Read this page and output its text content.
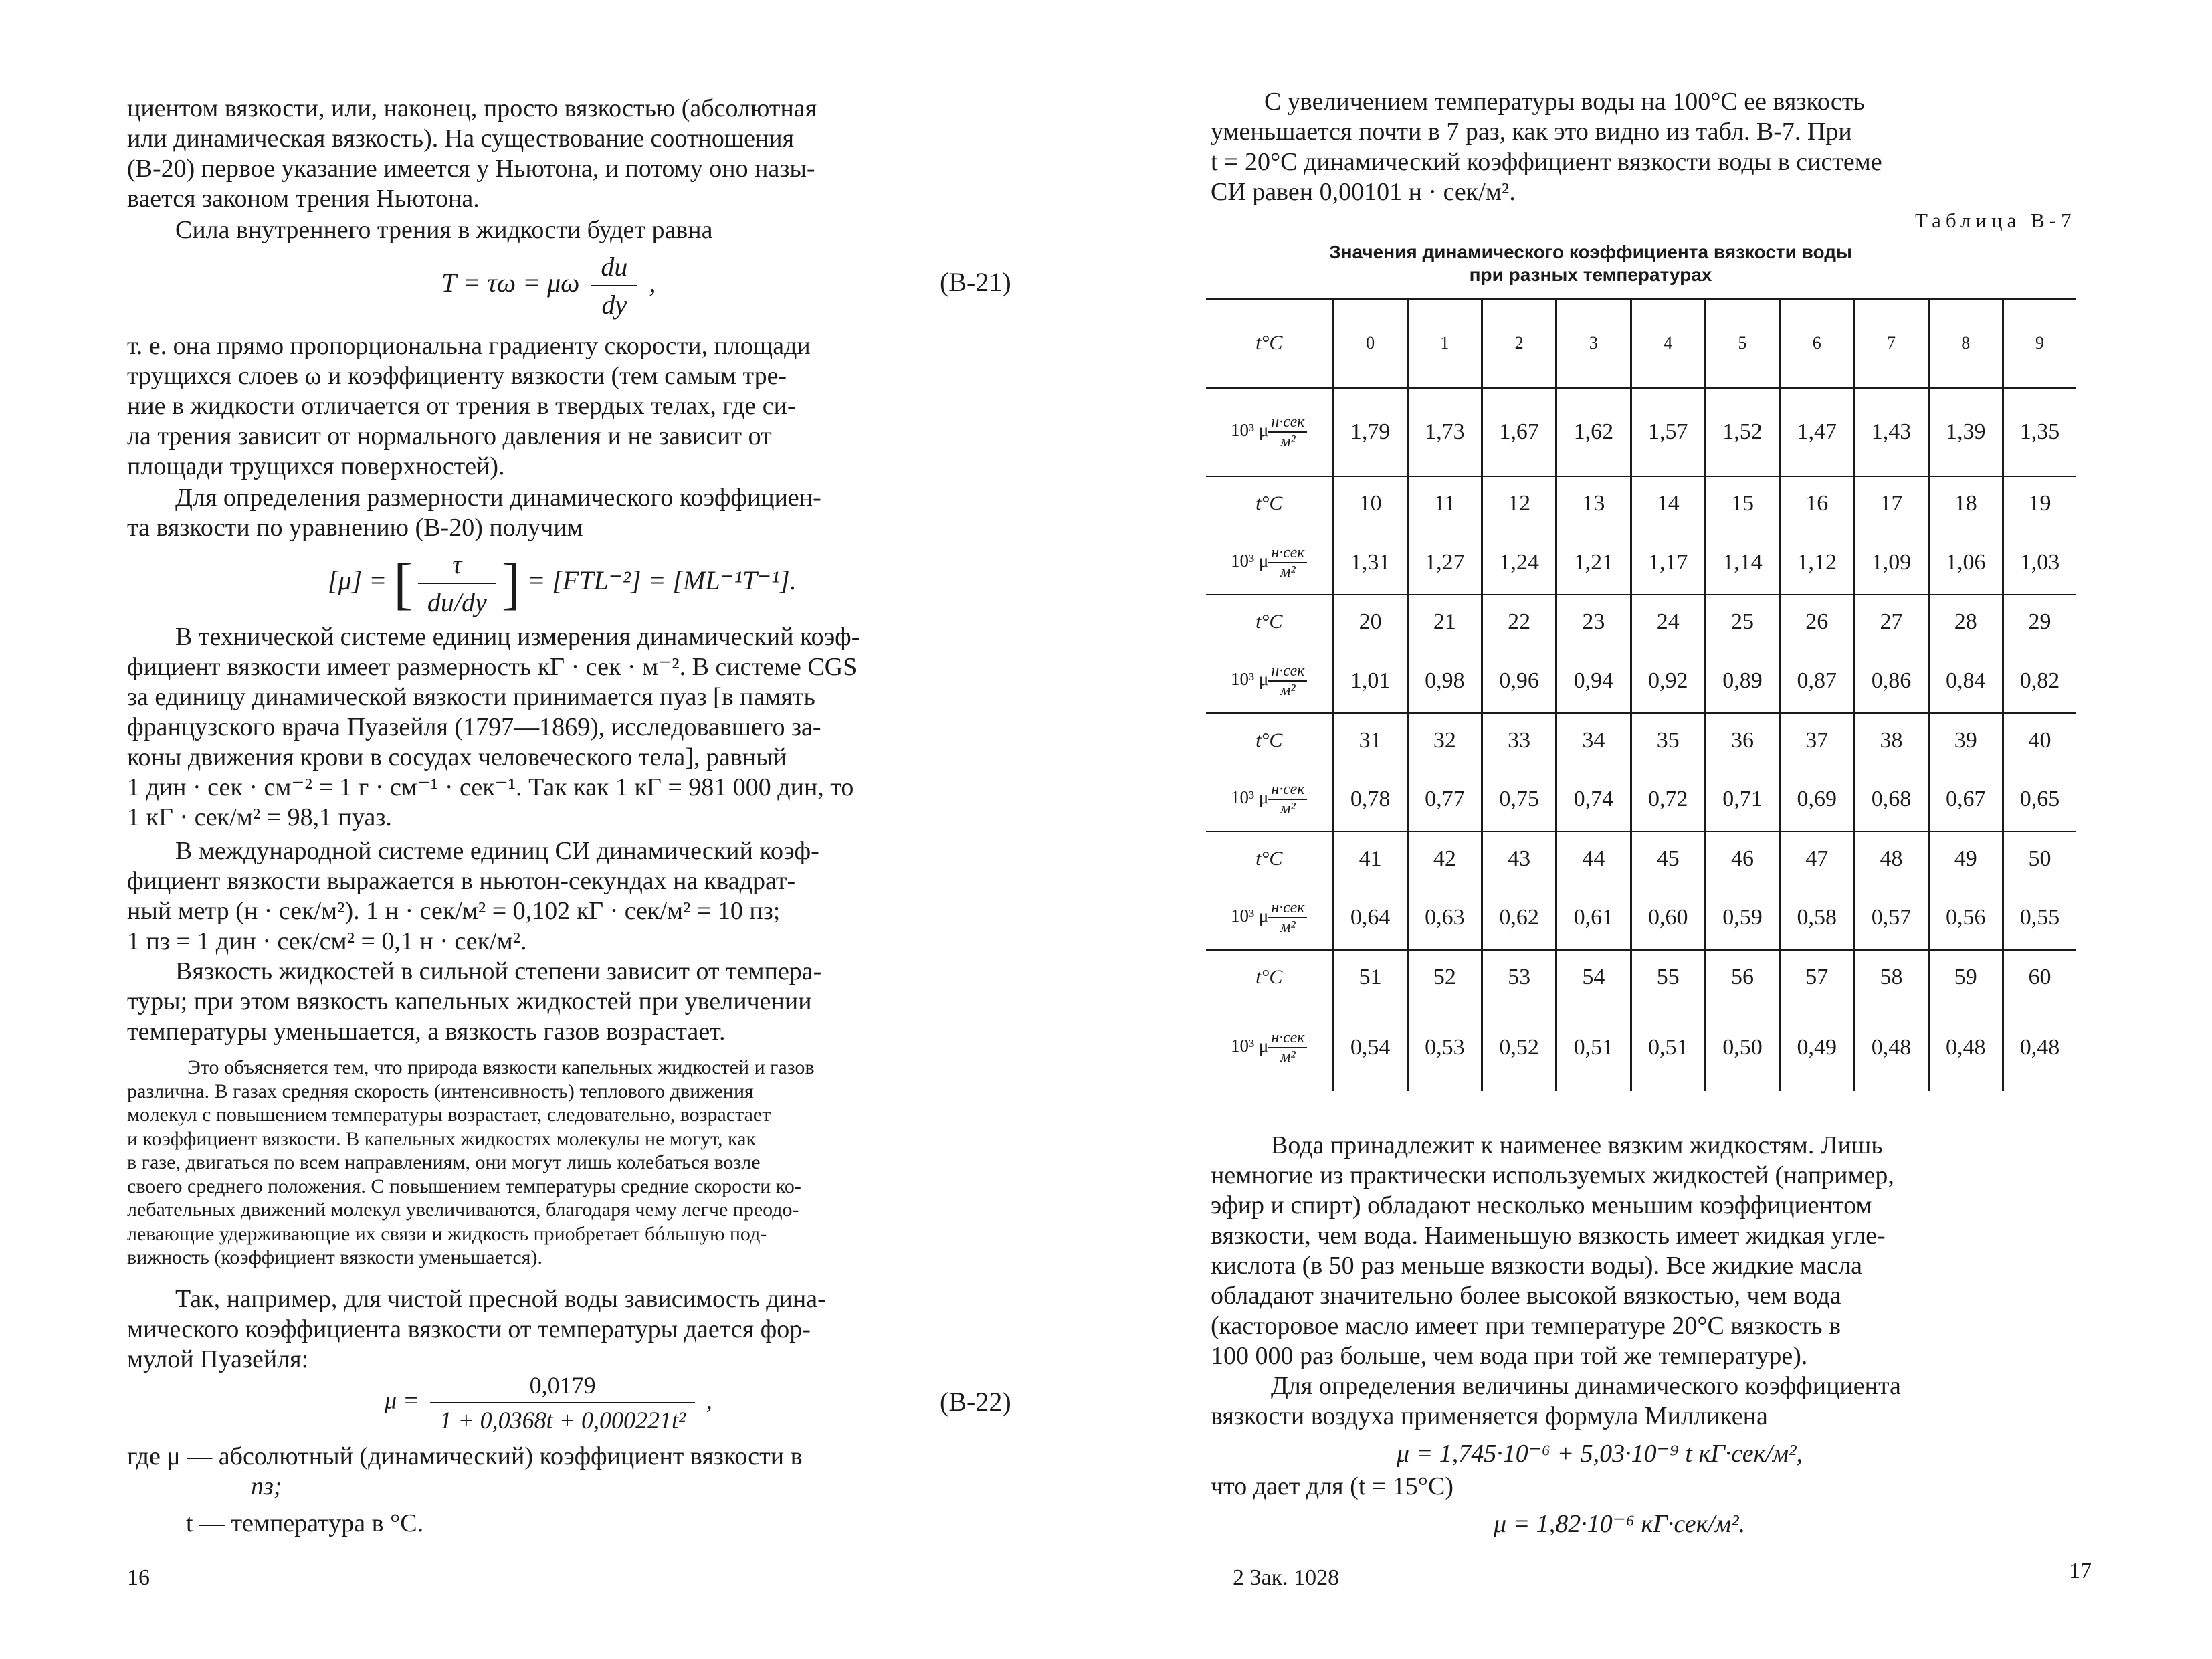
циентом вязкости, или, наконец, просто вязкостью (абсолютная
или динамическая вязкость). На существование соотношения
(В-20) первое указание имеется у Ньютона, и потому оно назы-
вается законом трения Ньютона.
Сила внутреннего трения в жидкости будет равна
T = τω = μω $\frac{du}{dy}$ ,	(В-21)
т. е. она прямо пропорциональна градиенту скорости, площади
трущихся слоев ω и коэффициенту вязкости (тем самым тре-
ние в жидкости отличается от трения в твердых телах, где си-
ла трения зависит от нормального давления и не зависит от
площади трущихся поверхностей).
Для определения размерности динамического коэффициен-
та вязкости по уравнению (В-20) получим
[μ] = [ $\frac{\tau}{du/dy}$ ] = [FTL⁻²] = [ML⁻¹T⁻¹].
В технической системе единиц измерения динамический коэф-
фициент вязкости имеет размерность кГ · сек · м⁻². В системе CGS
за единицу динамической вязкости принимается пуаз [в память
французского врача Пуазейля (1797—1869), исследовавшего за-
коны движения крови в сосудах человеческого тела], равный
1 дин · сек · см⁻² = 1 г · см⁻¹ · сек⁻¹. Так как 1 кГ = 981 000 дин, то
1 кГ · сек/м² = 98,1 пуаз.
В международной системе единиц СИ динамический коэф-
фициент вязкости выражается в ньютон-секундах на квадрат-
ный метр (н · сек/м²). 1 н · сек/м² = 0,102 кГ · сек/м² = 10 пз;
1 пз = 1 дин · сек/см² = 0,1 н · сек/м².
Вязкость жидкостей в сильной степени зависит от темпера-
туры; при этом вязкость капельных жидкостей при увеличении
температуры уменьшается, а вязкость газов возрастает.
Это объясняется тем, что природа вязкости капельных жидкостей и газов
различна. В газах средняя скорость (интенсивность) теплового движения
молекул с повышением температуры возрастает, следовательно, возрастает
и коэффициент вязкости. В капельных жидкостях молекулы не могут, как
в газе, двигаться по всем направлениям, они могут лишь колебаться возле
своего среднего положения. С повышением температуры средние скорости ко-
лебательных движений молекул увеличиваются, благодаря чему легче преодо-
левающие удерживающие их связи и жидкость приобретает бóльшую под-
вижность (коэффициент вязкости уменьшается).
Так, например, для чистой пресной воды зависимость дина-
мического коэффициента вязкости от температуры дается фор-
мулой Пуазейля:
$\mu = \frac{0,0179}{\text{1 + 0,0368t + 0,000221t²}}$ ,	(В-22)
где μ — абсолютный (динамический) коэффициент вязкости в
пз;
t — температура в °С.
16
С увеличением температуры воды на 100°С ее вязкость
уменьшается почти в 7 раз, как это видно из табл. В-7. При
t = 20°С динамический коэффициент вязкости воды в системе
СИ равен 0,00101 н · сек/м².
Таблица В-7
Значения динамического коэффициента вязкости воды
при разных температурах
t°С	0	1	2	3	4	5	6	7	8	9
10³ μ н·сек
м²	1,79	1,73	1,67	1,62	1,57	1,52	1,47	1,43	1,39	1,35
t°С	10	11	12	13	14	15	16	17	18	19
10³ μ н·сек
м²	1,31	1,27	1,24	1,21	1,17	1,14	1,12	1,09	1,06	1,03
t°С	20	21	22	23	24	25	26	27	28	29
10³ μ н·сек
м²	1,01	0,98	0,96	0,94	0,92	0,89	0,87	0,86	0,84	0,82
t°С	31	32	33	34	35	36	37	38	39	40
10³ μ н·сек
м²	0,78	0,77	0,75	0,74	0,72	0,71	0,69	0,68	0,67	0,65
t°С	41	42	43	44	45	46	47	48	49	50
10³ μ н·сек
м²	0,64	0,63	0,62	0,61	0,60	0,59	0,58	0,57	0,56	0,55
t°С	51	52	53	54	55	56	57	58	59	60
10³ μ н·сек
м²	0,54	0,53	0,52	0,51	0,51	0,50	0,49	0,48	0,48	0,48
Вода принадлежит к наименее вязким жидкостям. Лишь
немногие из практически используемых жидкостей (например,
эфир и спирт) обладают несколько меньшим коэффициентом
вязкости, чем вода. Наименьшую вязкость имеет жидкая угле-
кислота (в 50 раз меньше вязкости воды). Все жидкие масла
обладают значительно более высокой вязкостью, чем вода
(касторовое масло имеет при температуре 20°С вязкость в
100 000 раз больше, чем вода при той же температуре).
Для определения величины динамического коэффициента
вязкости воздуха применяется формула Милликена
μ = 1,745·10⁻⁶ + 5,03·10⁻⁹ t кГ·сек/м²,
что дает для (t = 15°С)
μ = 1,82·10⁻⁶ кГ·сек/м².
2 Зак. 1028	17
